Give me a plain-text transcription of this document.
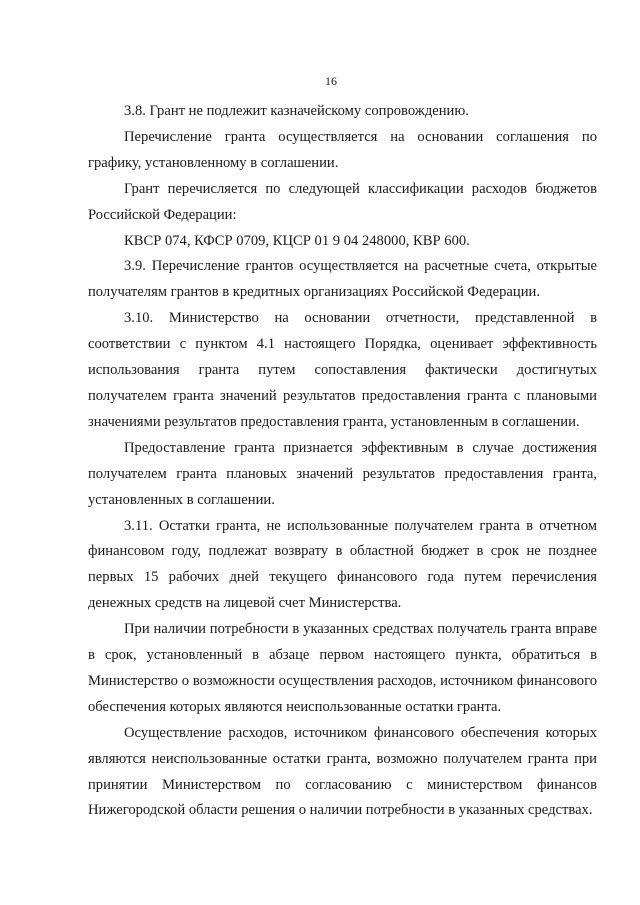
16

3.8. Грант не подлежит казначейскому сопровождению.

Перечисление гранта осуществляется на основании соглашения по графику, установленному в соглашении.

Грант перечисляется по следующей классификации расходов бюджетов Российской Федерации:

КВСР 074, КФСР 0709, КЦСР 01 9 04 248000, КВР 600.

3.9. Перечисление грантов осуществляется на расчетные счета, открытые получателям грантов в кредитных организациях Российской Федерации.

3.10. Министерство на основании отчетности, представленной в соответствии с пунктом 4.1 настоящего Порядка, оценивает эффективность использования гранта путем сопоставления фактически достигнутых получателем гранта значений результатов предоставления гранта с плановыми значениями результатов предоставления гранта, установленным в соглашении.

Предоставление гранта признается эффективным в случае достижения получателем гранта плановых значений результатов предоставления гранта, установленных в соглашении.

3.11. Остатки гранта, не использованные получателем гранта в отчетном финансовом году, подлежат возврату в областной бюджет в срок не позднее первых 15 рабочих дней текущего финансового года путем перечисления денежных средств на лицевой счет Министерства.

При наличии потребности в указанных средствах получатель гранта вправе в срок, установленный в абзаце первом настоящего пункта, обратиться в Министерство о возможности осуществления расходов, источником финансового обеспечения которых являются неиспользованные остатки гранта.

Осуществление расходов, источником финансового обеспечения которых являются неиспользованные остатки гранта, возможно получателем гранта при принятии Министерством по согласованию с министерством финансов Нижегородской области решения о наличии потребности в указанных средствах.
